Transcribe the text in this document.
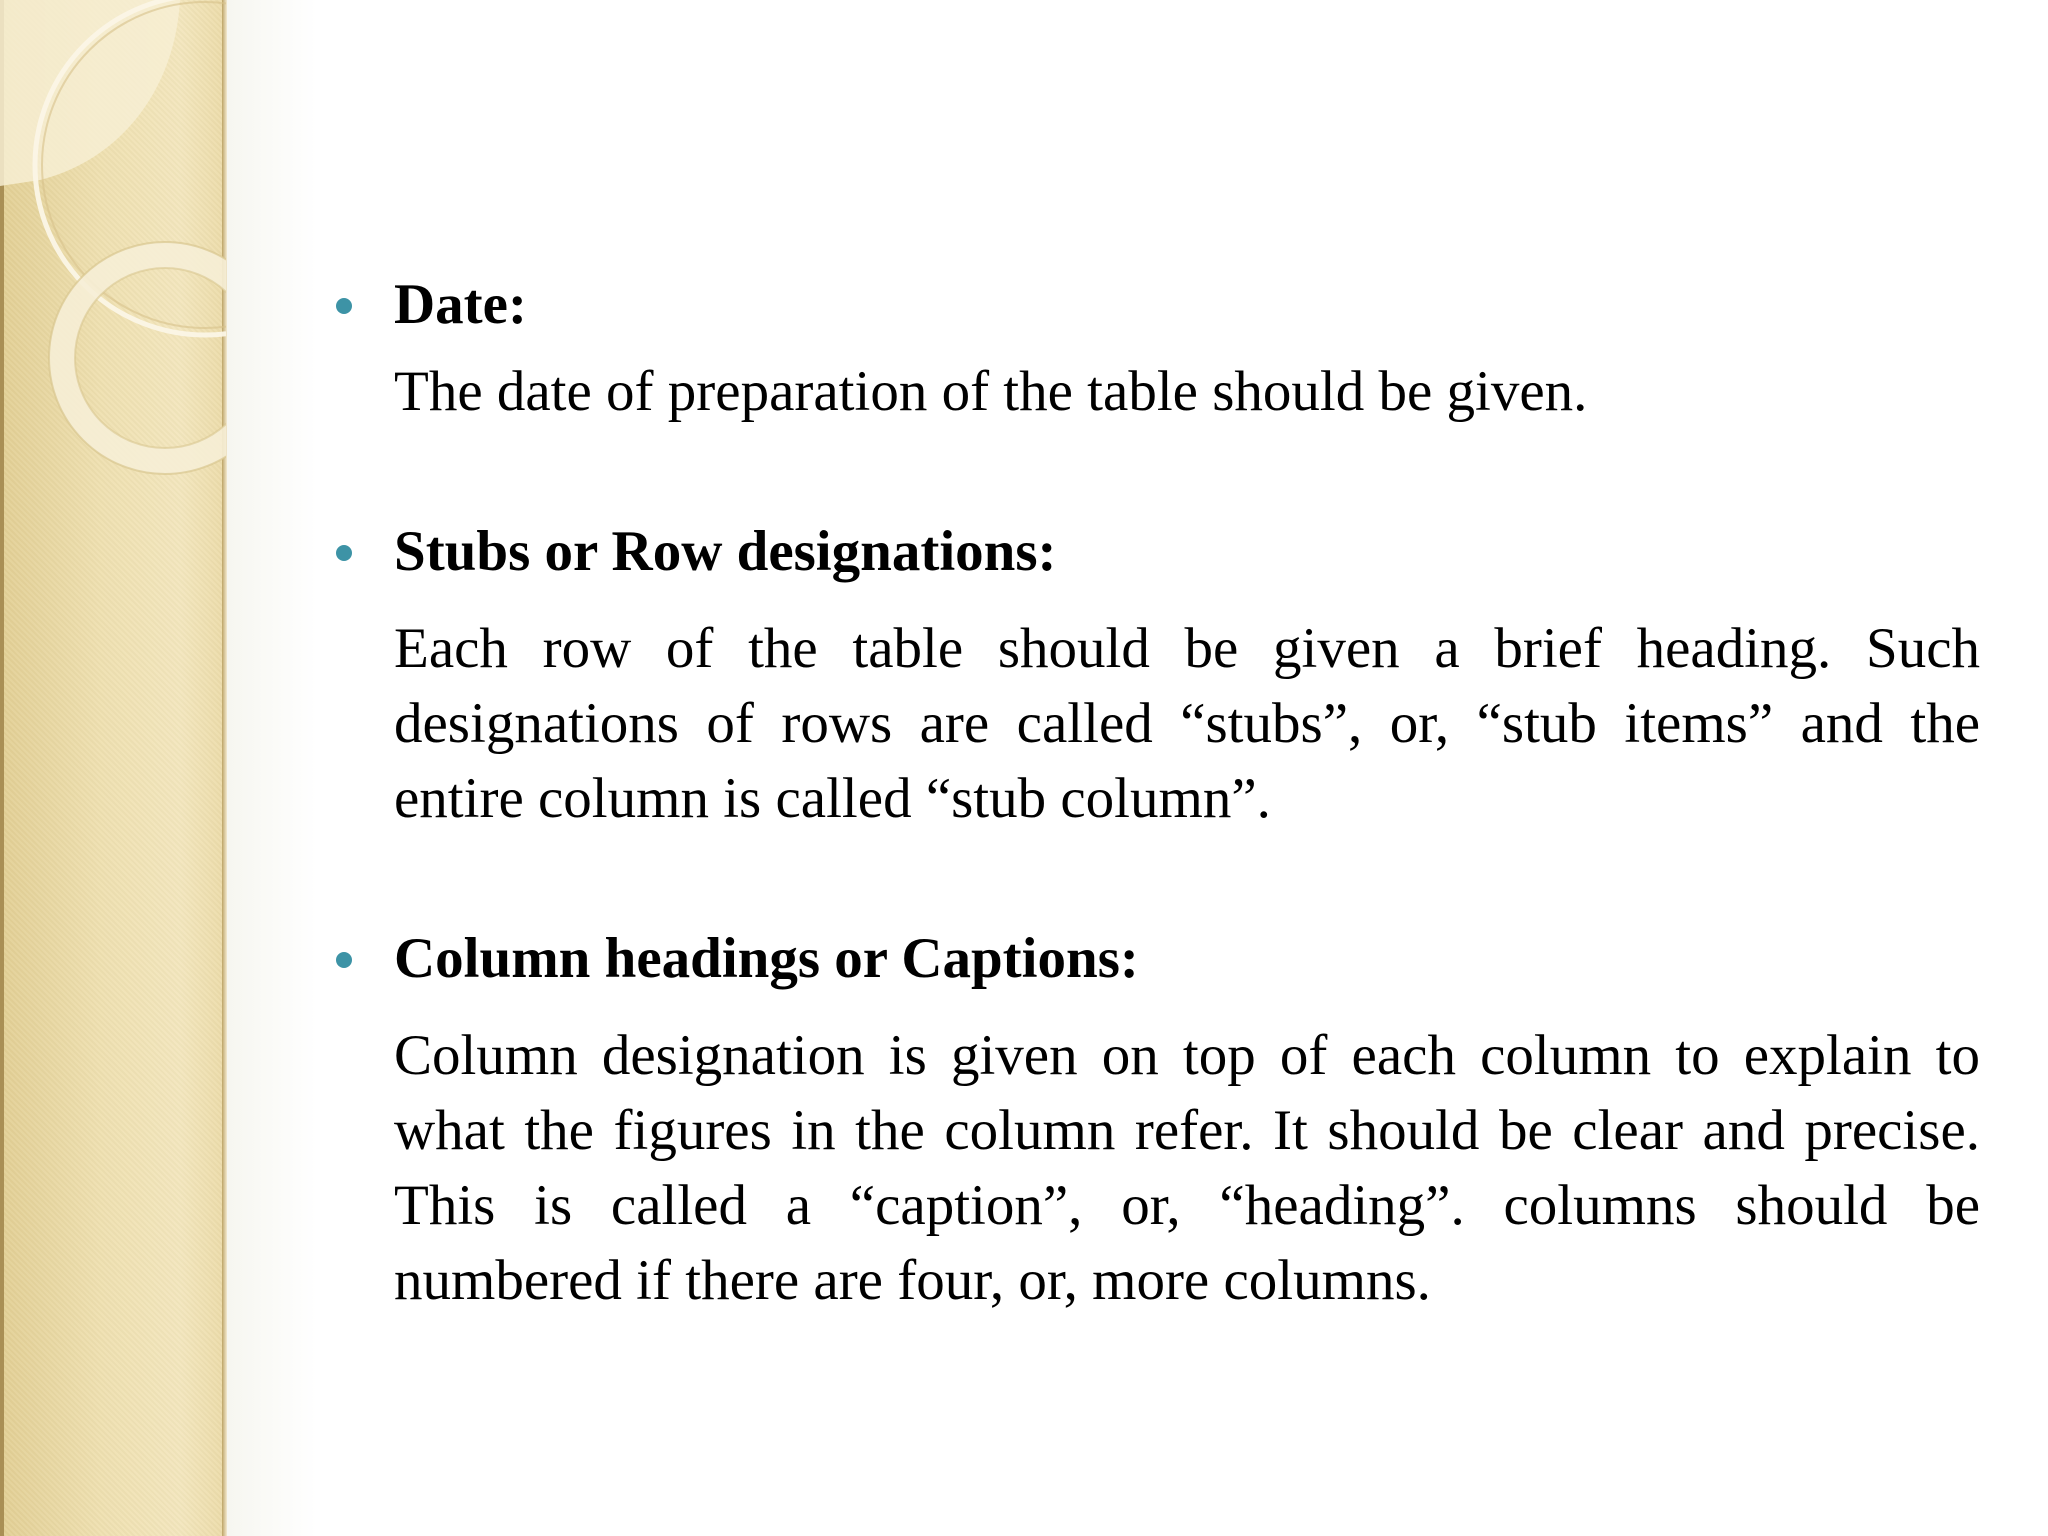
Date:

The date of preparation of the table should be given.

Stubs or Row designations:

Each row of the table should be given a brief heading. Such designations of rows are called “stubs”, or, “stub items” and the entire column is called “stub column”.

Column headings or Captions:

Column designation is given on top of each column to explain to what the figures in the column refer. It should be clear and precise. This is called a “caption”, or, “heading”. columns should be numbered if there are four, or, more columns.
